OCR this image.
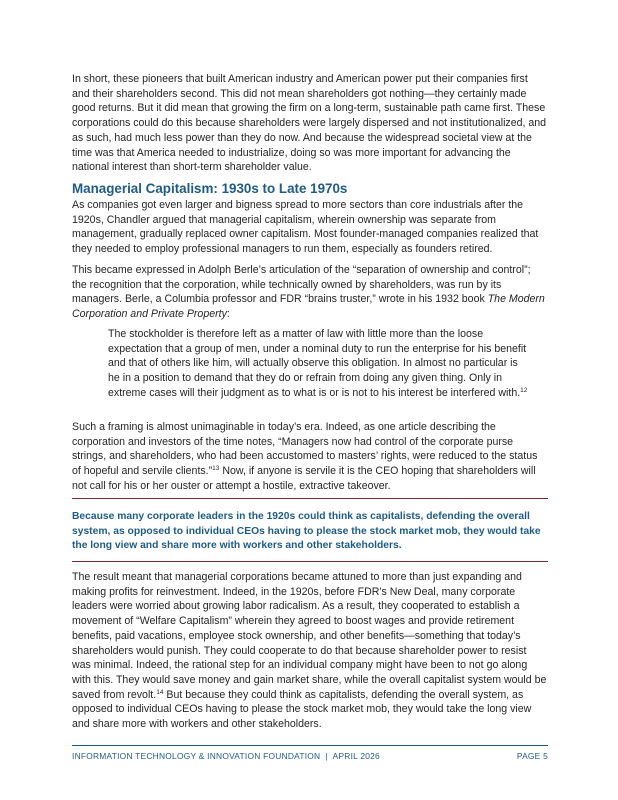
In short, these pioneers that built American industry and American power put their companies first and their shareholders second. This did not mean shareholders got nothing—they certainly made good returns. But it did mean that growing the firm on a long-term, sustainable path came first. These corporations could do this because shareholders were largely dispersed and not institutionalized, and as such, had much less power than they do now. And because the widespread societal view at the time was that America needed to industrialize, doing so was more important for advancing the national interest than short-term shareholder value.

Managerial Capitalism: 1930s to Late 1970s

As companies got even larger and bigness spread to more sectors than core industrials after the 1920s, Chandler argued that managerial capitalism, wherein ownership was separate from management, gradually replaced owner capitalism. Most founder-managed companies realized that they needed to employ professional managers to run them, especially as founders retired.

This became expressed in Adolph Berle’s articulation of the “separation of ownership and control”; the recognition that the corporation, while technically owned by shareholders, was run by its managers. Berle, a Columbia professor and FDR “brains truster,” wrote in his 1932 book The Modern Corporation and Private Property:

The stockholder is therefore left as a matter of law with little more than the loose expectation that a group of men, under a nominal duty to run the enterprise for his benefit and that of others like him, will actually observe this obligation. In almost no particular is he in a position to demand that they do or refrain from doing any given thing. Only in extreme cases will their judgment as to what is or is not to his interest be interfered with.$^{12}$

Such a framing is almost unimaginable in today’s era. Indeed, as one article describing the corporation and investors of the time notes, “Managers now had control of the corporate purse strings, and shareholders, who had been accustomed to masters’ rights, were reduced to the status of hopeful and servile clients.”$^{13}$ Now, if anyone is servile it is the CEO hoping that shareholders will not call for his or her ouster or attempt a hostile, extractive takeover.

Because many corporate leaders in the 1920s could think as capitalists, defending the overall system, as opposed to individual CEOs having to please the stock market mob, they would take the long view and share more with workers and other stakeholders.

The result meant that managerial corporations became attuned to more than just expanding and making profits for reinvestment. Indeed, in the 1920s, before FDR’s New Deal, many corporate leaders were worried about growing labor radicalism. As a result, they cooperated to establish a movement of “Welfare Capitalism” wherein they agreed to boost wages and provide retirement benefits, paid vacations, employee stock ownership, and other benefits—something that today’s shareholders would punish. They could cooperate to do that because shareholder power to resist was minimal. Indeed, the rational step for an individual company might have been to not go along with this. They would save money and gain market share, while the overall capitalist system would be saved from revolt.$^{14}$ But because they could think as capitalists, defending the overall system, as opposed to individual CEOs having to please the stock market mob, they would take the long view and share more with workers and other stakeholders.

INFORMATION TECHNOLOGY & INNOVATION FOUNDATION  |  APRIL 2026	PAGE 5
